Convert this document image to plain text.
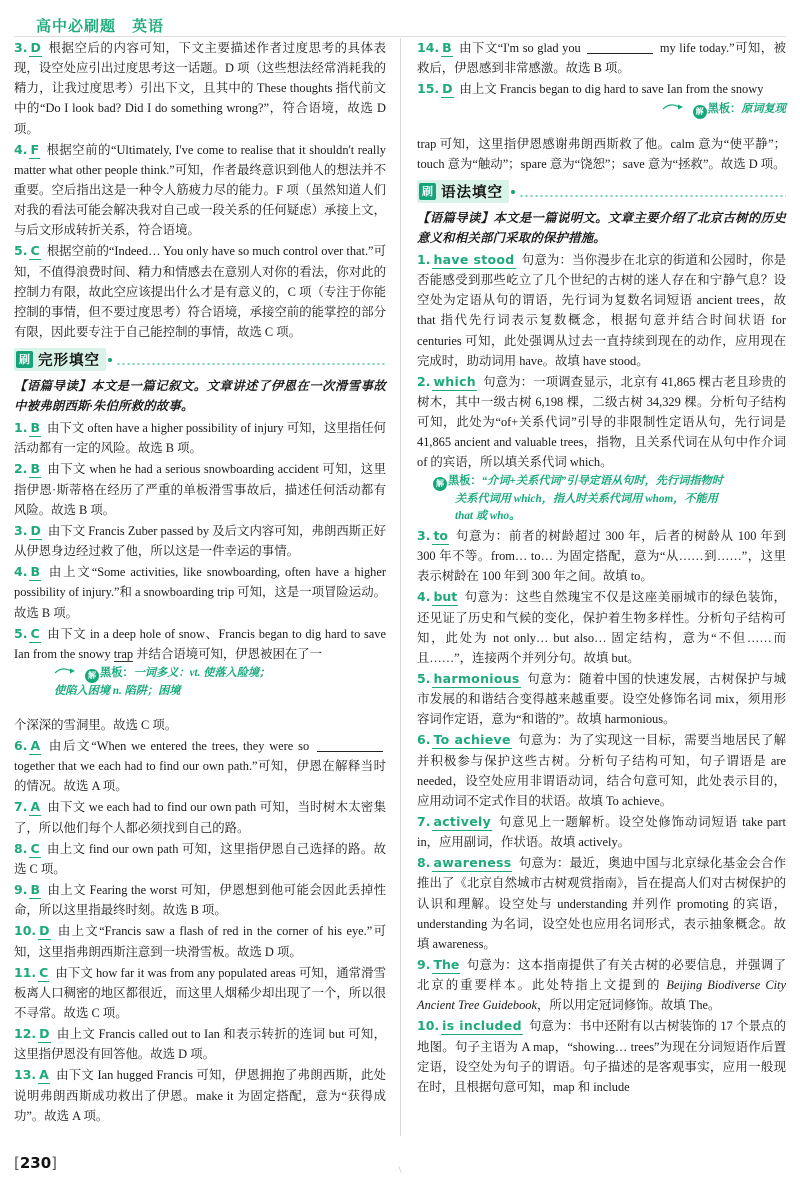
高中必刷题 英语
3. D 根据空后的内容可知，下文主要描述作者过度思考的具体表现，设空处应引出过度思考这一话题。D 项（这些想法经常消耗我的精力，让我过度思考）引出下文，且其中的 These thoughts 指代前文中的“Do I look bad? Did I do something wrong?”，符合语境，故选 D 项。
4. F 根据空前的“Ultimately, I've come to realise that it shouldn't really matter what other people think.”可知，作者最终意识到他人的想法并不重要。空后指出这是一种令人筋疲力尽的能力。F 项（虽然知道人们对我的看法可能会解决我对自己或一段关系的任何疑虑）承接上文，与后文形成转折关系，符合语境。
5. C 根据空前的“Indeed… You only have so much control over that.”可知，不值得浪费时间、精力和情感去在意别人对你的看法，你对此的控制力有限，故此空应该提出什么才是有意义的，C 项（专注于你能控制的事情，但不要过度思考）符合语境，承接空前的能掌控的部分有限，因此要专注于自己能控制的事情，故选 C 项。
刷 完形填空
【语篇导读】本文是一篇记叙文。文章讲述了伊恩在一次滑雪事故中被弗朗西斯·朱伯所救的故事。
1. B 由下文 often have a higher possibility of injury 可知，这里指任何活动都有一定的风险。故选 B 项。
2. B 由下文 when he had a serious snowboarding accident 可知，这里指伊恩·斯蒂格在经历了严重的单板滑雪事故后，描述任何活动都有风险。故选 B 项。
3. D 由下文 Francis Zuber passed by 及后文内容可知，弗朗西斯正好从伊恩身边经过救了他，所以这是一件幸运的事情。
4. B 由上文“Some activities, like snowboarding, often have a higher possibility of injury.”和 a snowboarding trip 可知，这是一项冒险运动。故选 B 项。
5. C 由下文 in a deep hole of snow、Francis began to dig hard to save Ian from the snowy trap 并结合语境可知，伊恩被困在了一
解 黑板：一词多义：vt. 使落入险境；
使陷入困境 n. 陷阱；困境
个深深的雪洞里。故选 C 项。
6. A 由后文“When we entered the trees, they were so together that we each had to find our own path.”可知，伊恩在解释当时的情况。故选 A 项。
7. A 由下文 we each had to find our own path 可知，当时树木太密集了，所以他们每个人都必须找到自己的路。
8. C 由上文 find our own path 可知，这里指伊恩自己选择的路。故选 C 项。
9. B 由上文 Fearing the worst 可知，伊恩想到他可能会因此丢掉性命，所以这里指最终时刻。故选 B 项。
10. D 由上文“Francis saw a flash of red in the corner of his eye.”可知，这里指弗朗西斯注意到一块滑雪板。故选 D 项。
11. C 由下文 how far it was from any populated areas 可知，通常滑雪板离人口稠密的地区都很近，而这里人烟稀少却出现了一个，所以很不寻常。故选 C 项。
12. D 由上文 Francis called out to Ian 和表示转折的连词 but 可知，这里指伊恩没有回答他。故选 D 项。
13. A 由下文 Ian hugged Francis 可知，伊恩拥抱了弗朗西斯，此处说明弗朗西斯成功救出了伊恩。make it 为固定搭配，意为“获得成功”。故选 A 项。
14. B 由下文“I'm so glad you	my life today.”可知，被救后，伊恩感到非常感激。故选 B 项。
15. D 由上文 Francis began to dig hard to save Ian from the snowy
解 黑板：原词复现
trap 可知，这里指伊恩感谢弗朗西斯救了他。calm 意为“使平静”；touch 意为“触动”；spare 意为“饶恕”；save 意为“拯救”。故选 D 项。
刷 语法填空
【语篇导读】本文是一篇说明文。文章主要介绍了北京古树的历史意义和相关部门采取的保护措施。
1. have stood 句意为：当你漫步在北京的街道和公园时，你是否能感受到那些屹立了几个世纪的古树的迷人存在和宁静气息？设空处为定语从句的谓语，先行词为复数名词短语 ancient trees，故 that 指代先行词表示复数概念，根据句意并结合时间状语 for centuries 可知，此处强调从过去一直持续到现在的动作，应用现在完成时，助动词用 have。故填 have stood。
2. which 句意为：一项调查显示，北京有 41,865 棵古老且珍贵的树木，其中一级古树 6,198 棵，二级古树 34,329 棵。分析句子结构可知，此处为“of+关系代词”引导的非限制性定语从句，先行词是 41,865 ancient and valuable trees，指物，且关系代词在从句中作介词 of 的宾语，所以填关系代词 which。
解 黑板：“介词+关系代词”引导定语从句时，先行词指物时
关系代词用 which，指人时关系代词用 whom，不能用
that 或 who。
3. to 句意为：前者的树龄超过 300 年，后者的树龄从 100 年到 300 年不等。from… to… 为固定搭配，意为“从……到……”，这里表示树龄在 100 年到 300 年之间。故填 to。
4. but 句意为：这些自然瑰宝不仅是这座美丽城市的绿色装饰，还见证了历史和气候的变化，保护着生物多样性。分析句子结构可知，此处为 not only… but also… 固定结构，意为“不但……而且……”，连接两个并列分句。故填 but。
5. harmonious 句意为：随着中国的快速发展，古树保护与城市发展的和谐结合变得越来越重要。设空处修饰名词 mix，须用形容词作定语，意为“和谐的”。故填 harmonious。
6. To achieve 句意为：为了实现这一目标，需要当地居民了解并积极参与保护这些古树。分析句子结构可知，句子谓语是 are needed，设空处应用非谓语动词，结合句意可知，此处表示目的，应用动词不定式作目的状语。故填 To achieve。
7. actively 句意见上一题解析。设空处修饰动词短语 take part in，应用副词，作状语。故填 actively。
8. awareness 句意为：最近，奥迪中国与北京绿化基金会合作推出了《北京自然城市古树观赏指南》，旨在提高人们对古树保护的认识和理解。设空处与 understanding 并列作 promoting 的宾语，understanding 为名词，设空处也应用名词形式，表示抽象概念。故填 awareness。
9. The 句意为：这本指南提供了有关古树的必要信息，并强调了北京的重要样本。此处特指上文提到的 Beijing Biodiverse City Ancient Tree Guidebook，所以用定冠词修饰。故填 The。
10. is included 句意为：书中还附有以古树装饰的 17 个景点的地图。句子主语为 A map，“showing… trees”为现在分词短语作后置定语，设空处为句子的谓语。句子描述的是客观事实，应用一般现在时，且根据句意可知，map 和 include
[ 230 ]	\
